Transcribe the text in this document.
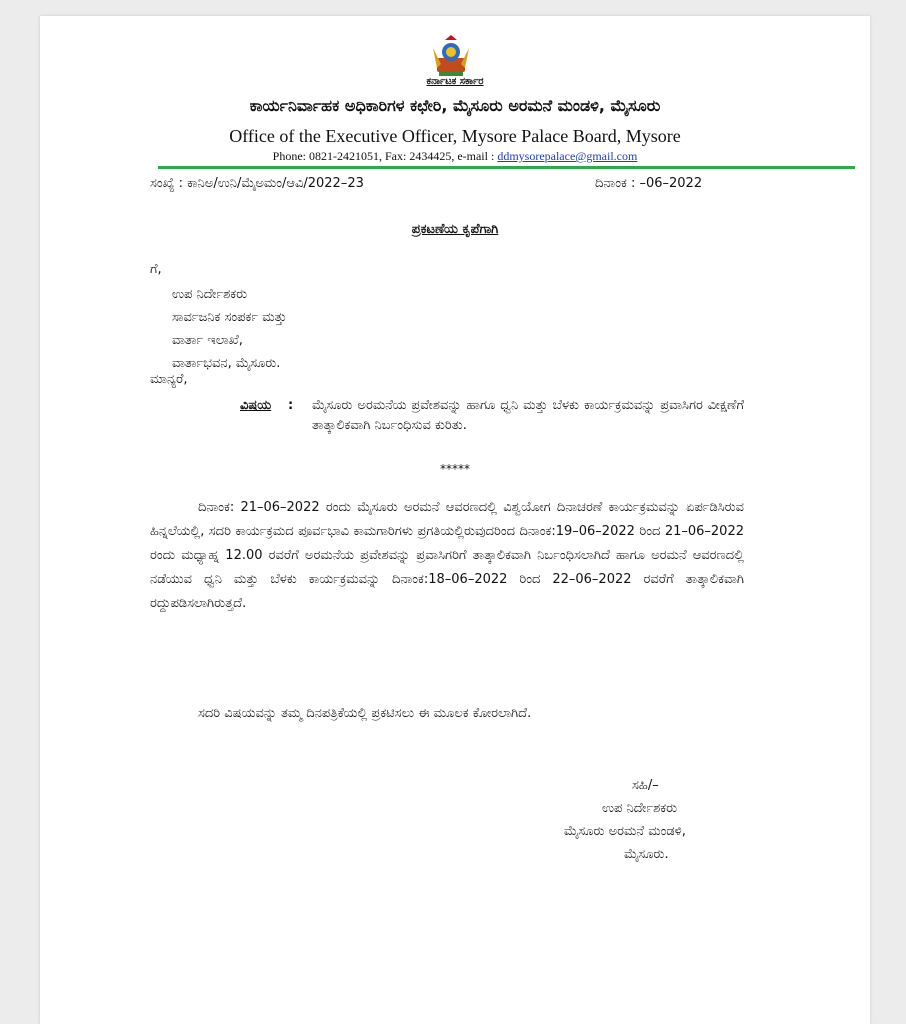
ಕರ್ನಾಟಕ ಸರ್ಕಾರ
ಕಾರ್ಯನಿರ್ವಾಹಕ ಅಧಿಕಾರಿಗಳ ಕಛೇರಿ, ಮೈಸೂರು ಅರಮನೆ ಮಂಡಳಿ, ಮೈಸೂರು
Office of the Executive Officer, Mysore Palace Board, Mysore
Phone: 0821-2421051, Fax: 2434425, e-mail : ddmysorepalace@gmail.com
ಸಂಖ್ಯೆ : ಕಾನಿಅ/ಉನಿ/ಮೈಅಮಂ/ಆವಿ/2022–23	ದಿನಾಂಕ : –06–2022
ಪ್ರಕಟಣೆಯ ಕೃಪೆಗಾಗಿ
ಗೆ,
ಉಪ ನಿರ್ದೇಶಕರು
ಸಾರ್ವಜನಿಕ ಸಂಪರ್ಕ ಮತ್ತು
ವಾರ್ತಾ ಇಲಾಖೆ,
ವಾರ್ತಾಭವನ, ಮೈಸೂರು.
ಮಾನ್ಯರೆ,
ವಿಷಯ : ಮೈಸೂರು ಅರಮನೆಯ ಪ್ರವೇಶವನ್ನು ಹಾಗೂ ಧ್ವನಿ ಮತ್ತು ಬೆಳಕು ಕಾರ್ಯಕ್ರಮವನ್ನು ಪ್ರವಾಸಿಗರ ವೀಕ್ಷಣೆಗೆ ತಾತ್ಕಾಲಿಕವಾಗಿ ನಿರ್ಬಂಧಿಸುವ ಕುರಿತು.
*****
ದಿನಾಂಕ: 21–06–2022 ರಂದು ಮೈಸೂರು ಅರಮನೆ ಆವರಣದಲ್ಲಿ ವಿಶ್ವಯೋಗ ದಿನಾಚರಣೆ ಕಾರ್ಯಕ್ರಮವನ್ನು ಏರ್ಪಡಿಸಿರುವ ಹಿನ್ನಲೆಯಲ್ಲಿ, ಸದರಿ ಕಾರ್ಯಕ್ರಮದ ಪೂರ್ವಭಾವಿ ಕಾಮಗಾರಿಗಳು ಪ್ರಗತಿಯಲ್ಲಿರುವುದರಿಂದ ದಿನಾಂಕ:19–06–2022 ರಿಂದ 21–06–2022 ರಂದು ಮಧ್ಯಾಹ್ನ 12.00 ರವರೆಗೆ ಅರಮನೆಯ ಪ್ರವೇಶವನ್ನು ಪ್ರವಾಸಿಗರಿಗೆ ತಾತ್ಕಾಲಿಕವಾಗಿ ನಿರ್ಬಂಧಿಸಲಾಗಿದೆ ಹಾಗೂ ಅರಮನೆ ಆವರಣದಲ್ಲಿ ನಡೆಯುವ ಧ್ವನಿ ಮತ್ತು ಬೆಳಕು ಕಾರ್ಯಕ್ರಮವನ್ನು ದಿನಾಂಕ:18–06–2022 ರಿಂದ 22–06–2022 ರವರೆಗೆ ತಾತ್ಕಾಲಿಕವಾಗಿ ರದ್ದುಪಡಿಸಲಾಗಿರುತ್ತದೆ.
ಸದರಿ ವಿಷಯವನ್ನು ತಮ್ಮ ದಿನಪತ್ರಿಕೆಯಲ್ಲಿ ಪ್ರಕಟಿಸಲು ಈ ಮೂಲಕ ಕೋರಲಾಗಿದೆ.
ಸಹಿ/–
ಉಪ ನಿರ್ದೇಶಕರು
ಮೈಸೂರು ಅರಮನೆ ಮಂಡಳಿ,
ಮೈಸೂರು.
